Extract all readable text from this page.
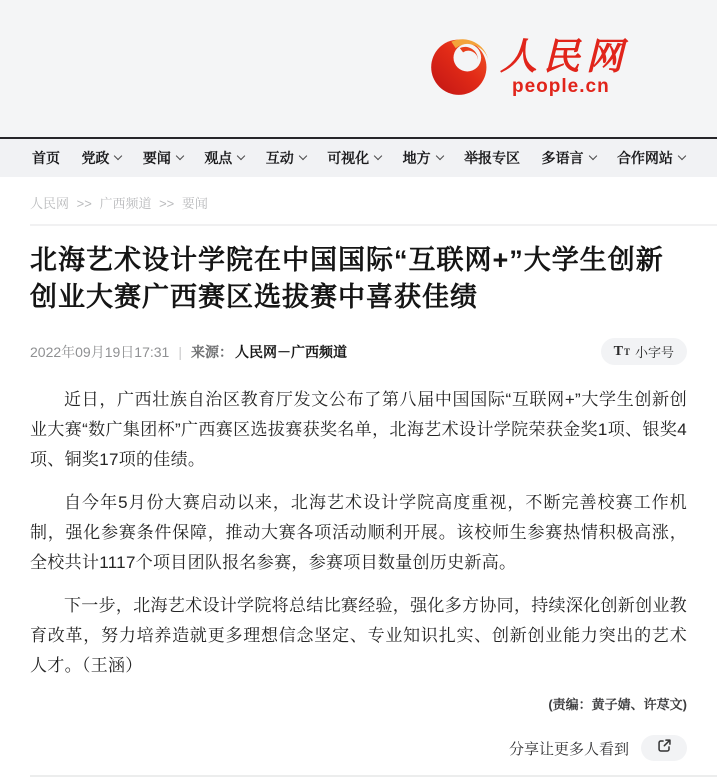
人民网
people.cn
首页 党政 要闻 观点 互动 可视化 地方 举报专区 多语言 合作网站
人民网 >> 广西频道 >> 要闻
北海艺术设计学院在中国国际“互联网+”大学生创新创业大赛广西赛区选拔赛中喜获佳绩
2022年09月19日17:31 | 来源： 人民网－广西频道	T T 小字号

近日，广西壮族自治区教育厅发文公布了第八届中国国际“互联网+”大学生创新创业大赛“数广集团杯”广西赛区选拔赛获奖名单，北海艺术设计学院荣获金奖1项、银奖4项、铜奖17项的佳绩。

自今年5月份大赛启动以来，北海艺术设计学院高度重视，不断完善校赛工作机制，强化参赛条件保障，推动大赛各项活动顺利开展。该校师生参赛热情积极高涨，全校共计1117个项目团队报名参赛，参赛项目数量创历史新高。

下一步，北海艺术设计学院将总结比赛经验，强化多方协同，持续深化创新创业教育改革，努力培养造就更多理想信念坚定、专业知识扎实、创新创业能力突出的艺术人才。（王涵）

(责编：黄子婧、许荩文)
分享让更多人看到
